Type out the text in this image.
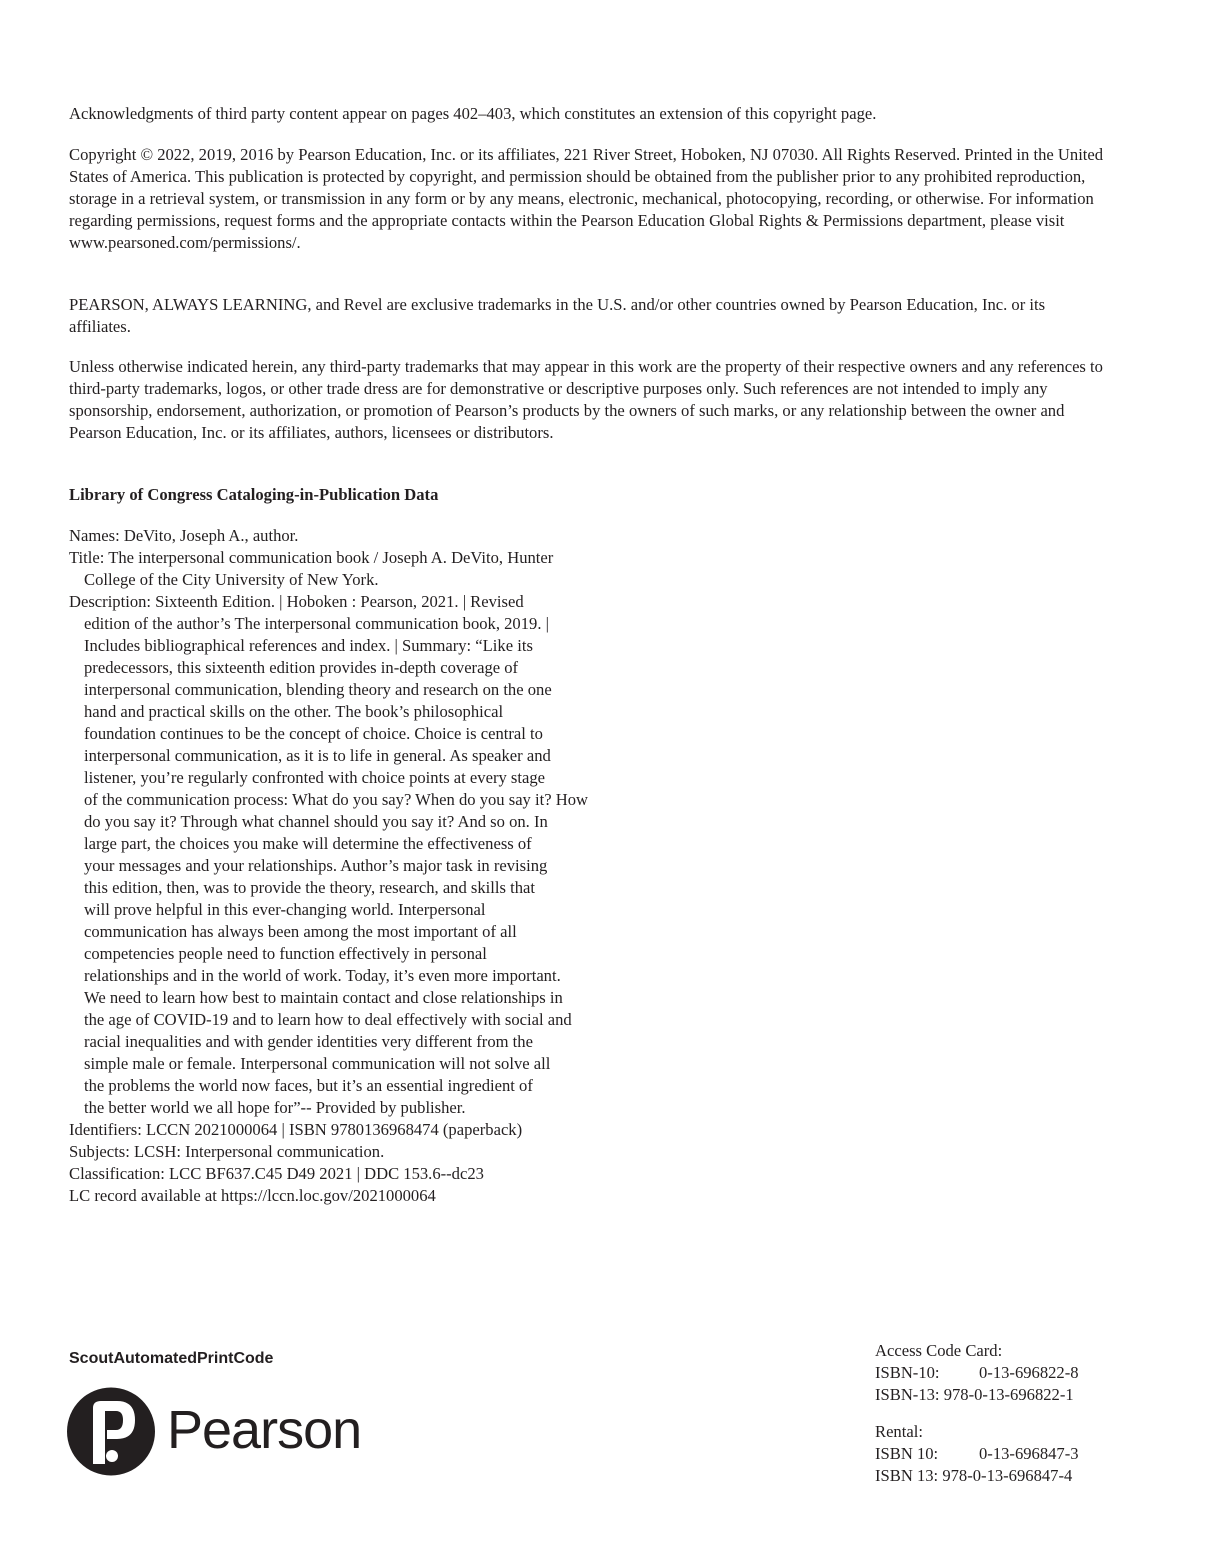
Acknowledgments of third party content appear on pages 402–403, which constitutes an extension of this copyright page.

Copyright © 2022, 2019, 2016 by Pearson Education, Inc. or its affiliates, 221 River Street, Hoboken, NJ 07030. All Rights Reserved. Printed in the United States of America. This publication is protected by copyright, and permission should be obtained from the publisher prior to any prohibited reproduction, storage in a retrieval system, or transmission in any form or by any means, electronic, mechanical, photocopying, recording, or otherwise. For information regarding permissions, request forms and the appropriate contacts within the Pearson Education Global Rights & Permissions department, please visit www.pearsoned.com/permissions/.

PEARSON, ALWAYS LEARNING, and Revel are exclusive trademarks in the U.S. and/or other countries owned by Pearson Education, Inc. or its affiliates.

Unless otherwise indicated herein, any third-party trademarks that may appear in this work are the property of their respective owners and any references to third-party trademarks, logos, or other trade dress are for demonstrative or descriptive purposes only. Such references are not intended to imply any sponsorship, endorsement, authorization, or promotion of Pearson’s products by the owners of such marks, or any relationship between the owner and Pearson Education, Inc. or its affiliates, authors, licensees or distributors.

Library of Congress Cataloging-in-Publication Data
Names: DeVito, Joseph A., author.
Title: The interpersonal communication book / Joseph A. DeVito, Hunter
College of the City University of New York.
Description: Sixteenth Edition. | Hoboken : Pearson, 2021. | Revised
edition of the author’s The interpersonal communication book, 2019. |
Includes bibliographical references and index. | Summary: “Like its
predecessors, this sixteenth edition provides in-depth coverage of
interpersonal communication, blending theory and research on the one
hand and practical skills on the other. The book’s philosophical
foundation continues to be the concept of choice. Choice is central to
interpersonal communication, as it is to life in general. As speaker and
listener, you’re regularly confronted with choice points at every stage
of the communication process: What do you say? When do you say it? How
do you say it? Through what channel should you say it? And so on. In
large part, the choices you make will determine the effectiveness of
your messages and your relationships. Author’s major task in revising
this edition, then, was to provide the theory, research, and skills that
will prove helpful in this ever-changing world. Interpersonal
communication has always been among the most important of all
competencies people need to function effectively in personal
relationships and in the world of work. Today, it’s even more important.
We need to learn how best to maintain contact and close relationships in
the age of COVID-19 and to learn how to deal effectively with social and
racial inequalities and with gender identities very different from the
simple male or female. Interpersonal communication will not solve all
the problems the world now faces, but it’s an essential ingredient of
the better world we all hope for”-- Provided by publisher.
Identifiers: LCCN 2021000064 | ISBN 9780136968474 (paperback)
Subjects: LCSH: Interpersonal communication.
Classification: LCC BF637.C45 D49 2021 | DDC 153.6--dc23
LC record available at https://lccn.loc.gov/2021000064
ScoutAutomatedPrintCode
Pearson
Access Code Card:
ISBN-10: 0-13-696822-8
ISBN-13: 978-0-13-696822-1
Rental:
ISBN 10: 0-13-696847-3
ISBN 13: 978-0-13-696847-4
